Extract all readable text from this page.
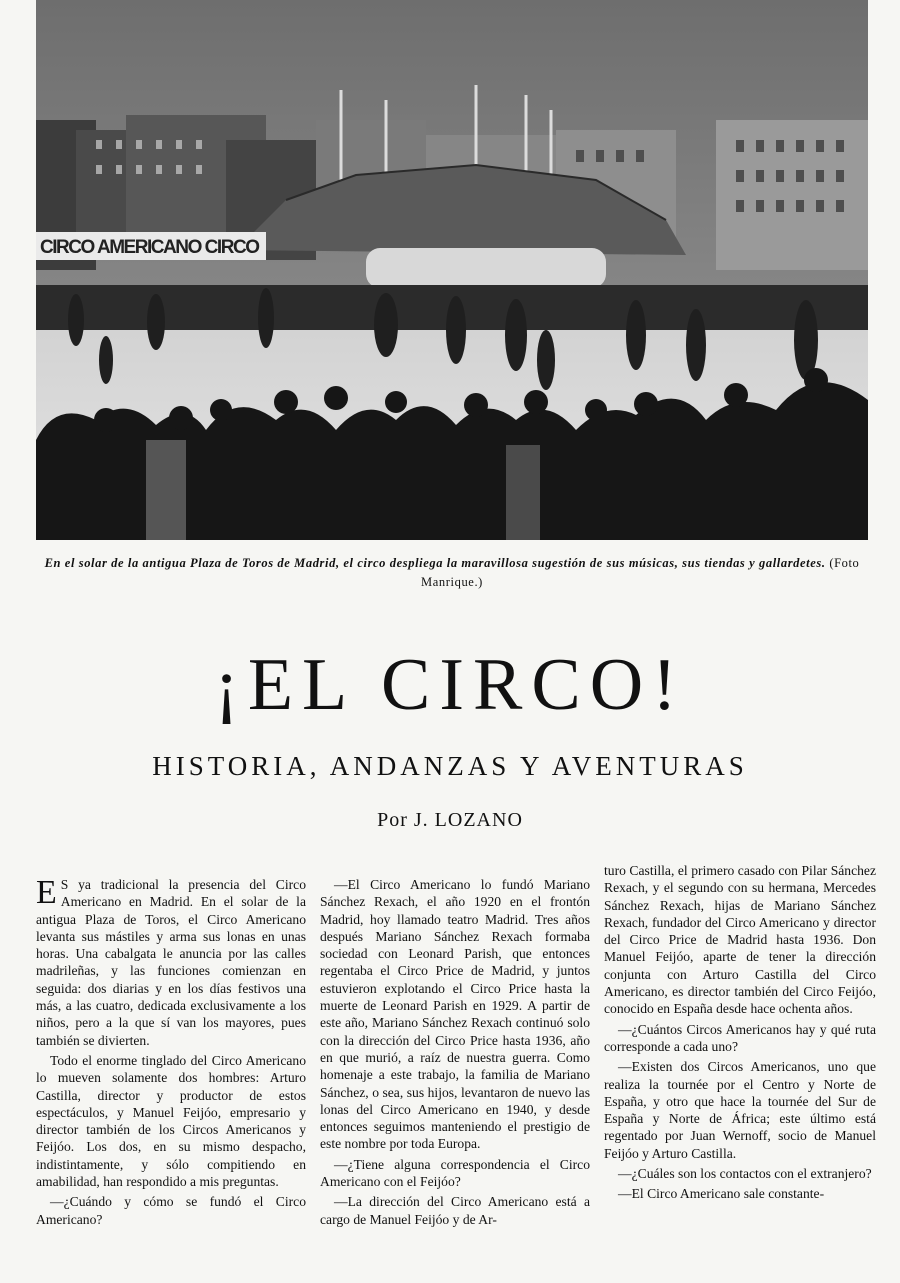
CIRCO AMERICANO CIRCO
En el solar de la antigua Plaza de Toros de Madrid, el circo despliega la maravillosa sugestión de sus músicas, sus tiendas y gallardetes. (Foto Manrique.)
¡EL CIRCO!
HISTORIA, ANDANZAS Y AVENTURAS
Por J. LOZANO

E S ya tradicional la presencia del Circo Americano en Madrid. En el solar de la antigua Plaza de Toros, el Circo Americano levanta sus mástiles y arma sus lonas en unas horas. Una cabalgata le anuncia por las calles madrileñas, y las funciones comienzan en seguida: dos diarias y en los días festivos una más, a las cuatro, dedicada exclusivamente a los niños, pero a la que sí van los mayores, pues también se divierten.

Todo el enorme tinglado del Circo Americano lo mueven solamente dos hombres: Arturo Castilla, director y productor de estos espectáculos, y Manuel Feijóo, empresario y director también de los Circos Americanos y Feijóo. Los dos, en su mismo despacho, indistintamente, y sólo compitiendo en amabilidad, han respondido a mis preguntas.

—¿Cuándo y cómo se fundó el Circo Americano?

—El Circo Americano lo fundó Mariano Sánchez Rexach, el año 1920 en el frontón Madrid, hoy llamado teatro Madrid. Tres años después Mariano Sánchez Rexach formaba sociedad con Leonard Parish, que entonces regentaba el Circo Price de Madrid, y juntos estuvieron explotando el Circo Price hasta la muerte de Leonard Parish en 1929. A partir de este año, Mariano Sánchez Rexach continuó solo con la dirección del Circo Price hasta 1936, año en que murió, a raíz de nuestra guerra. Como homenaje a este trabajo, la familia de Mariano Sánchez, o sea, sus hijos, levantaron de nuevo las lonas del Circo Americano en 1940, y desde entonces seguimos manteniendo el prestigio de este nombre por toda Europa.

—¿Tiene alguna correspondencia el Circo Americano con el Feijóo?

—La dirección del Circo Americano está a cargo de Manuel Feijóo y de Ar-

turo Castilla, el primero casado con Pilar Sánchez Rexach, y el segundo con su hermana, Mercedes Sánchez Rexach, hijas de Mariano Sánchez Rexach, fundador del Circo Americano y director del Circo Price de Madrid hasta 1936. Don Manuel Feijóo, aparte de tener la dirección conjunta con Arturo Castilla del Circo Americano, es director también del Circo Feijóo, conocido en España desde hace ochenta años.

—¿Cuántos Circos Americanos hay y qué ruta corresponde a cada uno?

—Existen dos Circos Americanos, uno que realiza la tournée por el Centro y Norte de España, y otro que hace la tournée del Sur de España y Norte de África; este último está regentado por Juan Wernoff, socio de Manuel Feijóo y Arturo Castilla.

—¿Cuáles son los contactos con el extranjero?

—El Circo Americano sale constante-
